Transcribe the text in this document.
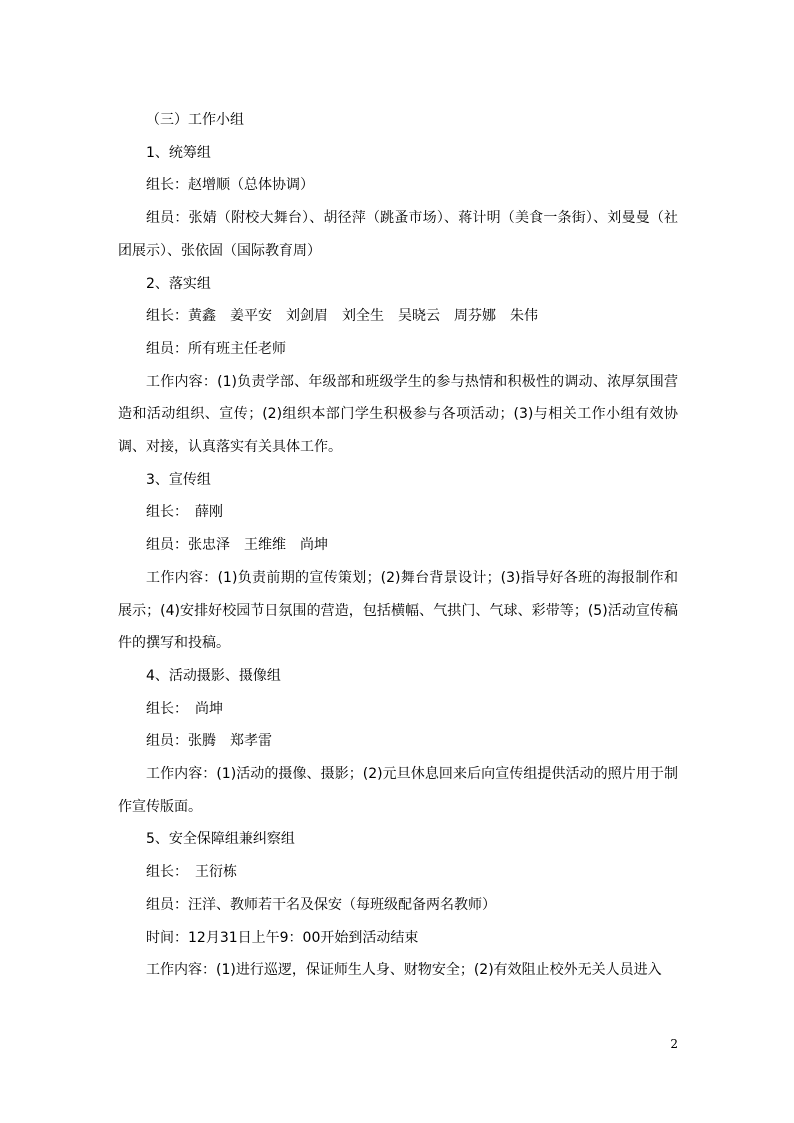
（三）工作小组

1、统筹组

组长：赵增顺（总体协调）

组员：张婧（附校大舞台）、胡径萍（跳蚤市场）、蒋计明（美食一条街）、刘曼曼（社团展示）、张依固（国际教育周）

2、落实组

组长：黄鑫　姜平安　刘剑眉　刘全生　吴晓云　周芬娜　朱伟

组员：所有班主任老师

工作内容：(1)负责学部、年级部和班级学生的参与热情和积极性的调动、浓厚氛围营造和活动组织、宣传；(2)组织本部门学生积极参与各项活动；(3)与相关工作小组有效协调、对接，认真落实有关具体工作。

3、宣传组

组长：　薛刚

组员：张忠泽　王维维　尚坤

工作内容：(1)负责前期的宣传策划；(2)舞台背景设计；(3)指导好各班的海报制作和展示；(4)安排好校园节日氛围的营造，包括横幅、气拱门、气球、彩带等；(5)活动宣传稿件的撰写和投稿。

4、活动摄影、摄像组

组长：　尚坤

组员：张腾　郑孝雷

工作内容：(1)活动的摄像、摄影；(2)元旦休息回来后向宣传组提供活动的照片用于制作宣传版面。

5、安全保障组兼纠察组

组长：　王衍栋

组员：汪洋、教师若干名及保安（每班级配备两名教师）

时间：12月31日上午9：00开始到活动结束

工作内容：(1)进行巡逻，保证师生人身、财物安全；(2)有效阻止校外无关人员进入

2
